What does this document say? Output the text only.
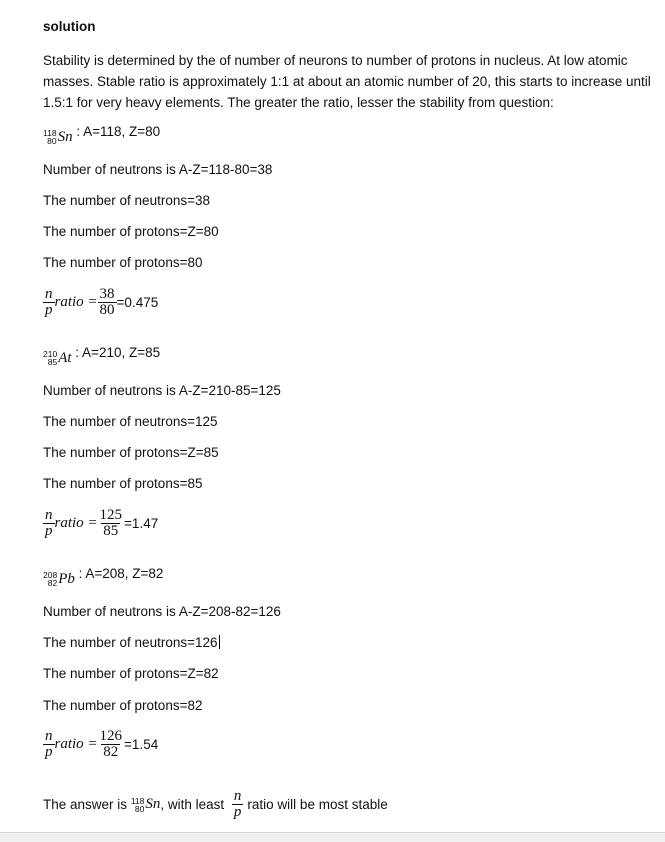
solution
Stability is determined by the of number of neurons to number of protons in nucleus. At low atomic masses. Stable ratio is approximately 1:1 at about an atomic number of 20, this starts to increase until 1.5:1 for very heavy elements. The greater the ratio, lesser the stability from question:
118
80 Sn : A=118, Z=80
Number of neutrons is A-Z=118-80=38
The number of neutrons=38
The number of protons=Z=80
The number of protons=80
$\frac{n}{p}$ ratio = $\frac{38}{80} =0.475$
210
85 At : A=210, Z=85
Number of neutrons is A-Z=210-85=125
The number of neutrons=125
The number of protons=Z=85
The number of protons=85
$\frac{n}{p}$ ratio = $\frac{125}{85} =1.47$
208
82 Pb : A=208, Z=82
Number of neutrons is A-Z=208-82=126
The number of neutrons=126
The number of protons=Z=82
The number of protons=82
$\frac{n}{p}$ ratio = $\frac{126}{82} =1.54$
The answer is
118
80 Sn , with least
$\frac{n}{p}$ ratio will be most stable
